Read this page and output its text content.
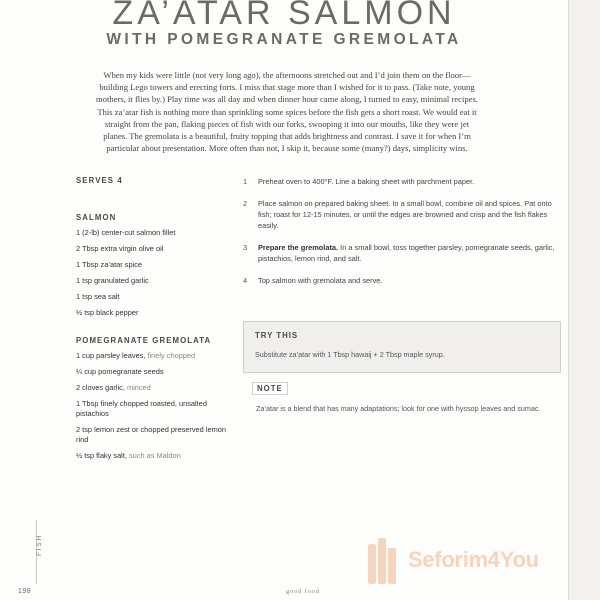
ZA’ATAR SALMON
WITH POMEGRANATE GREMOLATA
When my kids were little (not very long ago), the afternoons stretched out and I’d join them on the floor—building Lego towers and erecting forts. I miss that stage more than I wished for it to pass. (Take note, young mothers, it flies by.) Play time was all day and when dinner hour came along, I turned to easy, minimal recipes. This za’atar fish is nothing more than sprinkling some spices before the fish gets a short roast. We would eat it straight from the pan, flaking pieces of fish with our forks, swooping it into our mouths, like they were jet planes. The gremolata is a beautiful, fruity topping that adds brightness and contrast. I save it for when I’m particular about presentation. More often than not, I skip it, because some (many?) days, simplicity wins.
SERVES 4
SALMON
1 (2-lb) center-cut salmon fillet
2 Tbsp extra virgin olive oil
1 Tbsp za’atar spice
1 tsp granulated garlic
1 tsp sea salt
½ tsp black pepper
POMEGRANATE GREMOLATA
1 cup parsley leaves, finely chopped
¼ cup pomegranate seeds
2 cloves garlic, minced
1 Tbsp finely chopped roasted, unsalted pistachios
2 tsp lemon zest or chopped preserved lemon rind
½ tsp flaky salt, such as Maldon
1	Preheat oven to 400°F. Line a baking sheet with parchment paper.
2	Place salmon on prepared baking sheet. In a small bowl, combine oil and spices. Pat onto fish; roast for 12-15 minutes, or until the edges are browned and crisp and the fish flakes easily.
3	Prepare the gremolata. In a small bowl, toss together parsley, pomegranate seeds, garlic, pistachios, lemon rind, and salt.
4	Top salmon with gremolata and serve.
TRY THIS
Substitute za’atar with 1 Tbsp hawaij + 2 Tbsp maple syrup.
NOTE
Za’atar is a blend that has many adaptations; look for one with hyssop leaves and sumac.
FISH
198	good food
Seforim4You
